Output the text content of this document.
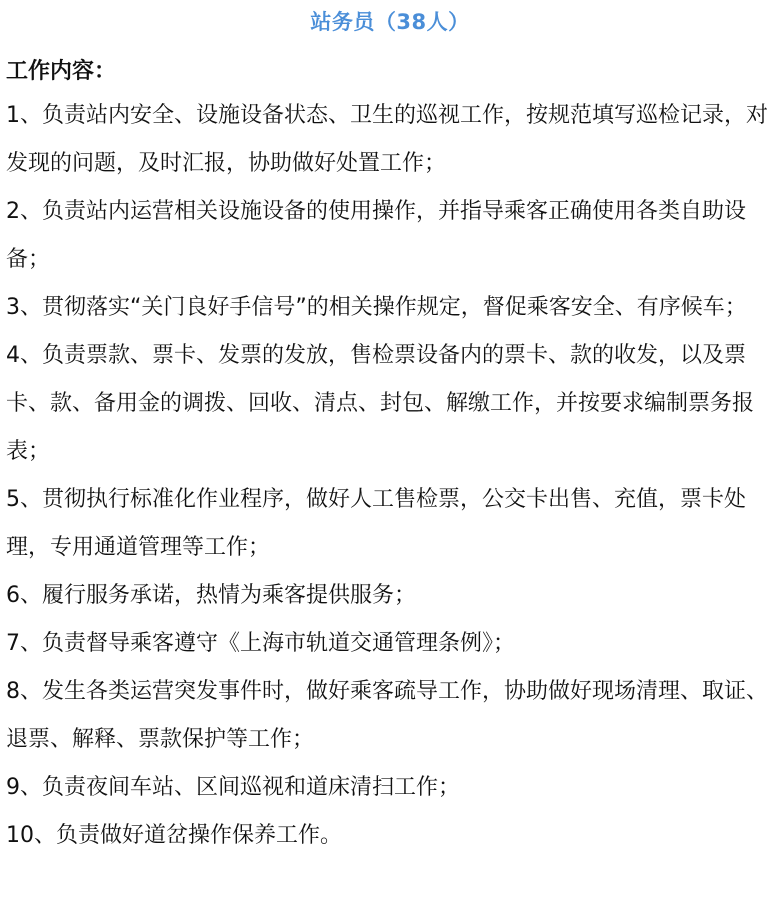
站务员（38人）
工作内容：
1、负责站内安全、设施设备状态、卫生的巡视工作，按规范填写巡检记录，对发现的问题，及时汇报，协助做好处置工作；
2、负责站内运营相关设施设备的使用操作，并指导乘客正确使用各类自助设备；
3、贯彻落实“关门良好手信号”的相关操作规定，督促乘客安全、有序候车；
4、负责票款、票卡、发票的发放，售检票设备内的票卡、款的收发，以及票卡、款、备用金的调拨、回收、清点、封包、解缴工作，并按要求编制票务报表；
5、贯彻执行标准化作业程序，做好人工售检票，公交卡出售、充值，票卡处理，专用通道管理等工作；
6、履行服务承诺，热情为乘客提供服务；
7、负责督导乘客遵守《上海市轨道交通管理条例》；
8、发生各类运营突发事件时，做好乘客疏导工作，协助做好现场清理、取证、退票、解释、票款保护等工作；
9、负责夜间车站、区间巡视和道床清扫工作；
10、负责做好道岔操作保养工作。
